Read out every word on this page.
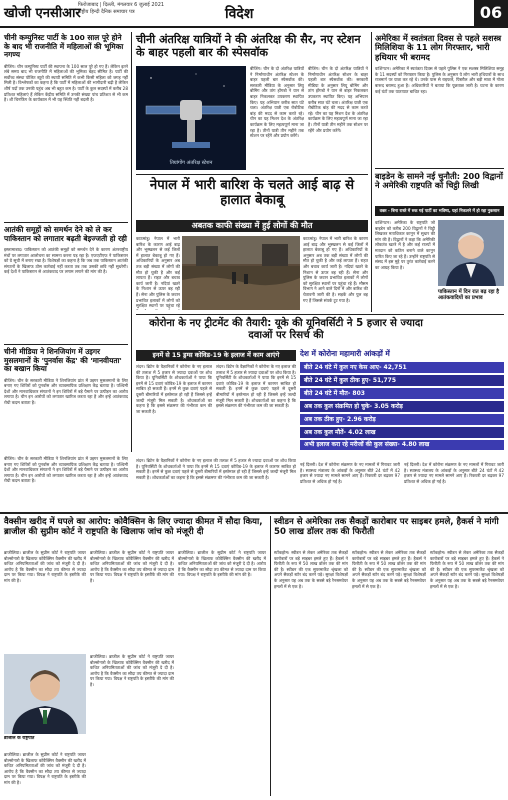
खोजी एनसीआर
फिरोजाबाद | दिल्ली, मंगलवार 6 जुलाई 2021 राष्ट्रीय हिन्दी दैनिक समाचार पत्र	विदेश	06
चीनी कम्युनिस्ट पार्टी के 100 साल पूरे होने के बाद भी राजनीति में महिलाओं की भूमिका नगण्य
बीजिंग। चीन कम्युनिस्ट पार्टी की स्थापना के 100 साल पूरे हो गए हैं। लेकिन इतने लंबे समय बाद भी राजनीति में महिलाओं की भूमिका बेहद सीमित है। पार्टी की सर्वोच्च संस्था पोलित ब्यूरो की स्थायी समिति में कभी किसी महिला को जगह नहीं मिली है। विश्लेषकों का कहना है कि पार्टी में महिलाओं की भागीदारी बढ़ी है लेकिन शीर्ष पदों तक उनकी पहुंच अब भी बहुत कम है। पार्टी के कुल सदस्यों में करीब 28 प्रतिशत महिलाएं हैं लेकिन केंद्रीय समिति में उनकी संख्या पांच प्रतिशत से भी कम है। शी चिनफिंग के कार्यकाल में भी यह स्थिति नहीं बदली है।
आतंकी समूहों को समर्थन देने को ले कर पाकिस्तान को लगातार बढ़ती बेइज्जती हो रही
इस्लामाबाद। पाकिस्तान को आतंकी समूहों को समर्थन देने के कारण अंतरराष्ट्रीय मंचों पर लगातार आलोचना का सामना करना पड़ रहा है। एफएटीएफ ने पाकिस्तान को ग्रे सूची में बनाए रखा है। विशेषज्ञों का कहना है कि जब तक पाकिस्तान आतंकी संगठनों के खिलाफ ठोस कार्रवाई नहीं करता तब तक उसकी छवि नहीं सुधरेगी। कई देशों ने पाकिस्तान से आतंकवाद पर लगाम लगाने की मांग की है।
चीनी मीडिया ने शिनजियांग में उइगर मुसलमानों के 'पुनर्वास केंद्र' की 'मानवीयता' का बखान किया
बीजिंग। चीन के सरकारी मीडिया ने शिनजियांग प्रांत में उइगर मुसलमानों के लिए बनाए गए शिविरों को पुनर्वास और व्यावसायिक प्रशिक्षण केंद्र बताया है। पश्चिमी देशों और मानवाधिकार संगठनों ने इन शिविरों में बड़े पैमाने पर उत्पीड़न का आरोप लगाया है। चीन इन आरोपों को लगातार खारिज करता रहा है और इन्हें आतंकवाद रोधी कदम बताता है।
चीनी अंतरिक्ष यात्रियों ने की अंतरिक्ष की सैर, नए स्टेशन के बाहर पहली बार की स्पेसवॉक
तियांगोंग अंतरिक्ष स्टेशन
बीजिंग। चीन के दो अंतरिक्ष यात्रियों ने निर्माणाधीन अंतरिक्ष स्टेशन के बाहर पहली बार स्पेसवॉक की। सरकारी मीडिया के अनुसार लियू बोमिंग और तांग होंगबो ने यान से बाहर निकलकर उपकरण स्थापित किए। यह अभियान करीब सात घंटे चला। अंतरिक्ष यात्री एक रोबोटिक बांह की मदद से काम करते रहे। चीन का यह मिशन देश के अंतरिक्ष कार्यक्रम के लिए महत्वपूर्ण माना जा रहा है। तीनों यात्री तीन महीने तक स्टेशन पर रहेंगे और प्रयोग करेंगे।
बीजिंग। चीन के दो अंतरिक्ष यात्रियों ने निर्माणाधीन अंतरिक्ष स्टेशन के बाहर पहली बार स्पेसवॉक की। सरकारी मीडिया के अनुसार लियू बोमिंग और तांग होंगबो ने यान से बाहर निकलकर उपकरण स्थापित किए। यह अभियान करीब सात घंटे चला। अंतरिक्ष यात्री एक रोबोटिक बांह की मदद से काम करते रहे। चीन का यह मिशन देश के अंतरिक्ष कार्यक्रम के लिए महत्वपूर्ण माना जा रहा है। तीनों यात्री तीन महीने तक स्टेशन पर रहेंगे और प्रयोग करेंगे।
नेपाल में भारी बारिश के चलते आई बाढ़ से हालात बेकाबू
अबतक काफी संख्या में हुई लोगों की मौत
काठमांडू। नेपाल में भारी बारिश के कारण आई बाढ़ और भूस्खलन से कई जिलों में हालात बेकाबू हो गए हैं। अधिकारियों के अनुसार अब तक बड़ी संख्या में लोगों की मौत हो चुकी है और कई लापता हैं। राहत और बचाव कार्य जारी है। नदियां खतरे के निशान से ऊपर बह रही हैं। सेना और पुलिस के जवान प्रभावित इलाकों में लोगों को सुरक्षित स्थानों पर पहुंचा रहे
काठमांडू। नेपाल में भारी बारिश के कारण आई बाढ़ और भूस्खलन से कई जिलों में हालात बेकाबू हो गए हैं। अधिकारियों के अनुसार अब तक बड़ी संख्या में लोगों की मौत हो चुकी है और कई लापता हैं। राहत और बचाव कार्य जारी है। नदियां खतरे के निशान से ऊपर बह रही हैं। सेना और पुलिस के जवान प्रभावित इलाकों में लोगों को सुरक्षित स्थानों पर पहुंचा रहे हैं। मौसम विभाग ने आने वाले दिनों में और बारिश की चेतावनी जारी की है। सड़कें और पुल बह गए हैं जिससे संपर्क टूट गया है।
अमेरिका में स्वतंत्रता दिवस से पहले सशस्त्र मिलिशिया के 11 लोग गिरफ्तार, भारी हथियार भी बरामद
वाशिंगटन। अमेरिका में स्वतंत्रता दिवस से पहले पुलिस ने एक सशस्त्र मिलिशिया समूह के 11 सदस्यों को गिरफ्तार किया है। पुलिस के अनुसार ये लोग भारी हथियारों के साथ राजमार्ग पर यात्रा कर रहे थे। उनके पास से राइफलें, पिस्तौल और बड़ी मात्रा में गोला बारूद बरामद हुआ है। अधिकारियों ने बताया कि पूछताछ जारी है। घटना के कारण कई घंटों तक यातायात बाधित रहा।
बाइडेन के सामने नई चुनौती: 200 विद्वानों ने अमेरिकी राष्ट्रपति को चिट्ठी लिखी
वक्त - बिना रास्ते में रुक गई पार्टी का भविष्य, यहां निकलने में हो रहा नुकसान
वाशिंगटन। अमेरिका के राष्ट्रपति जो बाइडेन को करीब 200 विद्वानों ने चिट्ठी लिखकर मताधिकार कानून में सुधार की मांग की है। विद्वानों ने कहा कि अमेरिकी लोकतंत्र खतरे में है और कई राज्यों में मतदान को कठिन बनाने वाले कानून पारित किए जा रहे हैं। उन्होंने राष्ट्रपति से संसद में इस मुद्दे पर तुरंत कार्रवाई करने का आग्रह किया है।
पाकिस्तान में दिन रात बढ़ रहा है आतंकवादियों का प्रभाव
कोरोना के नए ट्रीटमेंट की तैयारी: यूके की यूनिवर्सिटी ने 5 हजार से ज्यादा दवाओं पर रिसर्च की
इनमें से 15 ड्रग्स कोविड-19 के इलाज में काम आएंगे
लंदन। ब्रिटेन के वैज्ञानिकों ने कोरोना के नए इलाज की तलाश में 5 हजार से ज्यादा दवाओं पर शोध किया है। यूनिवर्सिटी के शोधकर्ताओं ने पाया कि इनमें से 15 दवाएं कोविड-19 के इलाज में कारगर साबित हो सकती हैं। इनमें से कुछ दवाएं पहले से दूसरी बीमारियों में इस्तेमाल हो रही हैं जिससे इन्हें जल्दी मंजूरी मिल सकती है। शोधकर्ताओं का कहना है कि इससे संक्रमण की गंभीरता कम की जा सकती है।
लंदन। ब्रिटेन के वैज्ञानिकों ने कोरोना के नए इलाज की तलाश में 5 हजार से ज्यादा दवाओं पर शोध किया है। यूनिवर्सिटी के शोधकर्ताओं ने पाया कि इनमें से 15 दवाएं कोविड-19 के इलाज में कारगर साबित हो सकती हैं। इनमें से कुछ दवाएं पहले से दूसरी बीमारियों में इस्तेमाल हो रही हैं जिससे इन्हें जल्दी मंजूरी मिल सकती है। शोधकर्ताओं का कहना है कि इससे संक्रमण की गंभीरता कम की जा सकती है।
देश में कोरोना महामारी आंकड़ों में
बीते 24 घंटे में कुल नए केस आए- 42,751
बीते 24 घंटे में कुल ठीक हुए- 51,775
बीते 24 घंटे में मौत- 803
अब तक कुल संक्रमित हो चुके- 3.05 करोड़
अब तक ठीक हुए- 2.96 करोड़
अब तक कुल मौतें- 4.02 लाख
अभी इलाज करा रहे मरीजों की कुल संख्या- 4.80 लाख
नई दिल्ली। देश में कोरोना संक्रमण के नए मामलों में गिरावट जारी है। स्वास्थ्य मंत्रालय के आंकड़ों के अनुसार बीते 24 घंटों में 42 हजार से ज्यादा नए मामले सामने आए हैं। रिकवरी दर बढ़कर 97 प्रतिशत से अधिक हो गई है।
नई दिल्ली। देश में कोरोना संक्रमण के नए मामलों में गिरावट जारी है। स्वास्थ्य मंत्रालय के आंकड़ों के अनुसार बीते 24 घंटों में 42 हजार से ज्यादा नए मामले सामने आए हैं। रिकवरी दर बढ़कर 97 प्रतिशत से अधिक हो गई है।
लंदन। ब्रिटेन के वैज्ञानिकों ने कोरोना के नए इलाज की तलाश में 5 हजार से ज्यादा दवाओं पर शोध किया है। यूनिवर्सिटी के शोधकर्ताओं ने पाया कि इनमें से 15 दवाएं कोविड-19 के इलाज में कारगर साबित हो सकती हैं। इनमें से कुछ दवाएं पहले से दूसरी बीमारियों में इस्तेमाल हो रही हैं जिससे इन्हें जल्दी मंजूरी मिल सकती है। शोधकर्ताओं का कहना है कि इससे संक्रमण की गंभीरता कम की जा सकती है।
वैक्सीन खरीद में घपले का आरोप: कोवैक्सिन के लिए ज्यादा कीमत में सौदा किया, ब्राजील की सुप्रीम कोर्ट ने राष्ट्रपति के खिलाफ जांच को मंजूरी दी
ब्राजीलिया। ब्राजील के सुप्रीम कोर्ट ने राष्ट्रपति जायर बोल्सोनारो के खिलाफ कोवैक्सिन वैक्सीन की खरीद में कथित अनियमितताओं की जांच को मंजूरी दे दी है। आरोप है कि वैक्सीन का सौदा तय कीमत से ज्यादा दाम पर किया गया। विपक्ष ने राष्ट्रपति के इस्तीफे की मांग की है।
ब्राजीलिया। ब्राजील के सुप्रीम कोर्ट ने राष्ट्रपति जायर बोल्सोनारो के खिलाफ कोवैक्सिन वैक्सीन की खरीद में कथित अनियमितताओं की जांच को मंजूरी दे दी है। आरोप है कि वैक्सीन का सौदा तय कीमत से ज्यादा दाम पर किया गया। विपक्ष ने राष्ट्रपति के इस्तीफे की मांग की है।
ब्राजीलिया। ब्राजील के सुप्रीम कोर्ट ने राष्ट्रपति जायर बोल्सोनारो के खिलाफ कोवैक्सिन वैक्सीन की खरीद में कथित अनियमितताओं की जांच को मंजूरी दे दी है। आरोप है कि वैक्सीन का सौदा तय कीमत से ज्यादा दाम पर किया गया। विपक्ष ने राष्ट्रपति के इस्तीफे की मांग की है।
ब्राजील के राष्ट्रपति
ब्राजीलिया। ब्राजील के सुप्रीम कोर्ट ने राष्ट्रपति जायर बोल्सोनारो के खिलाफ कोवैक्सिन वैक्सीन की खरीद में कथित अनियमितताओं की जांच को मंजूरी दे दी है। आरोप है कि वैक्सीन का सौदा तय कीमत से ज्यादा दाम पर किया गया। विपक्ष ने राष्ट्रपति के इस्तीफे की मांग की है।
ब्राजीलिया। ब्राजील के सुप्रीम कोर्ट ने राष्ट्रपति जायर बोल्सोनारो के खिलाफ कोवैक्सिन वैक्सीन की खरीद में कथित अनियमितताओं की जांच को मंजूरी दे दी है। आरोप है कि वैक्सीन का सौदा तय कीमत से ज्यादा दाम पर किया गया। विपक्ष ने राष्ट्रपति के इस्तीफे की मांग की है।
स्वीडन से अमेरिका तक सैकड़ों कारोबार पर साइबर हमले, हैकर्स ने मांगी 50 लाख डॉलर तक की फिरौती
स्टॉकहोम। स्वीडन से लेकर अमेरिका तक सैकड़ों कारोबारों पर बड़े साइबर हमले हुए हैं। हैकर्स ने फिरौती के रूप में 50 लाख डॉलर तक की मांग की है। स्वीडन की एक सुपरमार्केट श्रृंखला को अपने सैकड़ों स्टोर बंद करने पड़े। सुरक्षा विशेषज्ञों के अनुसार यह अब तक के सबसे बड़े रैनसमवेयर हमलों में से एक है।
स्टॉकहोम। स्वीडन से लेकर अमेरिका तक सैकड़ों कारोबारों पर बड़े साइबर हमले हुए हैं। हैकर्स ने फिरौती के रूप में 50 लाख डॉलर तक की मांग की है। स्वीडन की एक सुपरमार्केट श्रृंखला को अपने सैकड़ों स्टोर बंद करने पड़े। सुरक्षा विशेषज्ञों के अनुसार यह अब तक के सबसे बड़े रैनसमवेयर हमलों में से एक है।
स्टॉकहोम। स्वीडन से लेकर अमेरिका तक सैकड़ों कारोबारों पर बड़े साइबर हमले हुए हैं। हैकर्स ने फिरौती के रूप में 50 लाख डॉलर तक की मांग की है। स्वीडन की एक सुपरमार्केट श्रृंखला को अपने सैकड़ों स्टोर बंद करने पड़े। सुरक्षा विशेषज्ञों के अनुसार यह अब तक के सबसे बड़े रैनसमवेयर हमलों में से एक है।
बीजिंग। चीन के सरकारी मीडिया ने शिनजियांग प्रांत में उइगर मुसलमानों के लिए बनाए गए शिविरों को पुनर्वास और व्यावसायिक प्रशिक्षण केंद्र बताया है। पश्चिमी देशों और मानवाधिकार संगठनों ने इन शिविरों में बड़े पैमाने पर उत्पीड़न का आरोप लगाया है। चीन इन आरोपों को लगातार खारिज करता रहा है और इन्हें आतंकवाद रोधी कदम बताता है।
